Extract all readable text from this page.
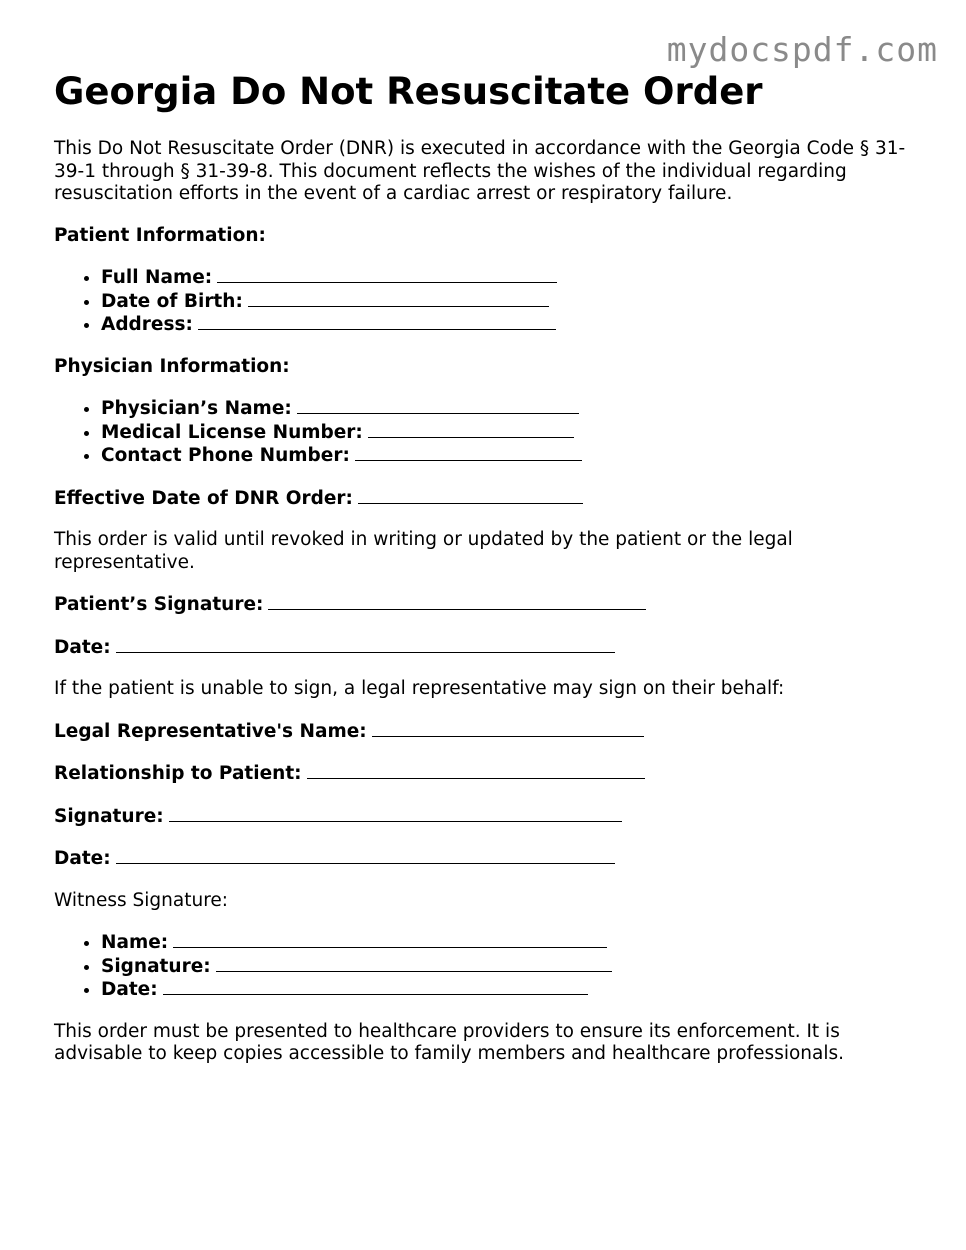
mydocspdf.com
Georgia Do Not Resuscitate Order

This Do Not Resuscitate Order (DNR) is executed in accordance with the Georgia Code § 31-39-1 through § 31-39-8. This document reflects the wishes of the individual regarding resuscitation efforts in the event of a cardiac arrest or respiratory failure.

Patient Information:

• Full Name:
• Date of Birth:
• Address:

Physician Information:

• Physician’s Name:
• Medical License Number:
• Contact Phone Number:

Effective Date of DNR Order:

This order is valid until revoked in writing or updated by the patient or the legal representative.

Patient’s Signature:

Date:

If the patient is unable to sign, a legal representative may sign on their behalf:

Legal Representative's Name:

Relationship to Patient:

Signature:

Date:

Witness Signature:

• Name:
• Signature:
• Date:

This order must be presented to healthcare providers to ensure its enforcement. It is advisable to keep copies accessible to family members and healthcare professionals.
